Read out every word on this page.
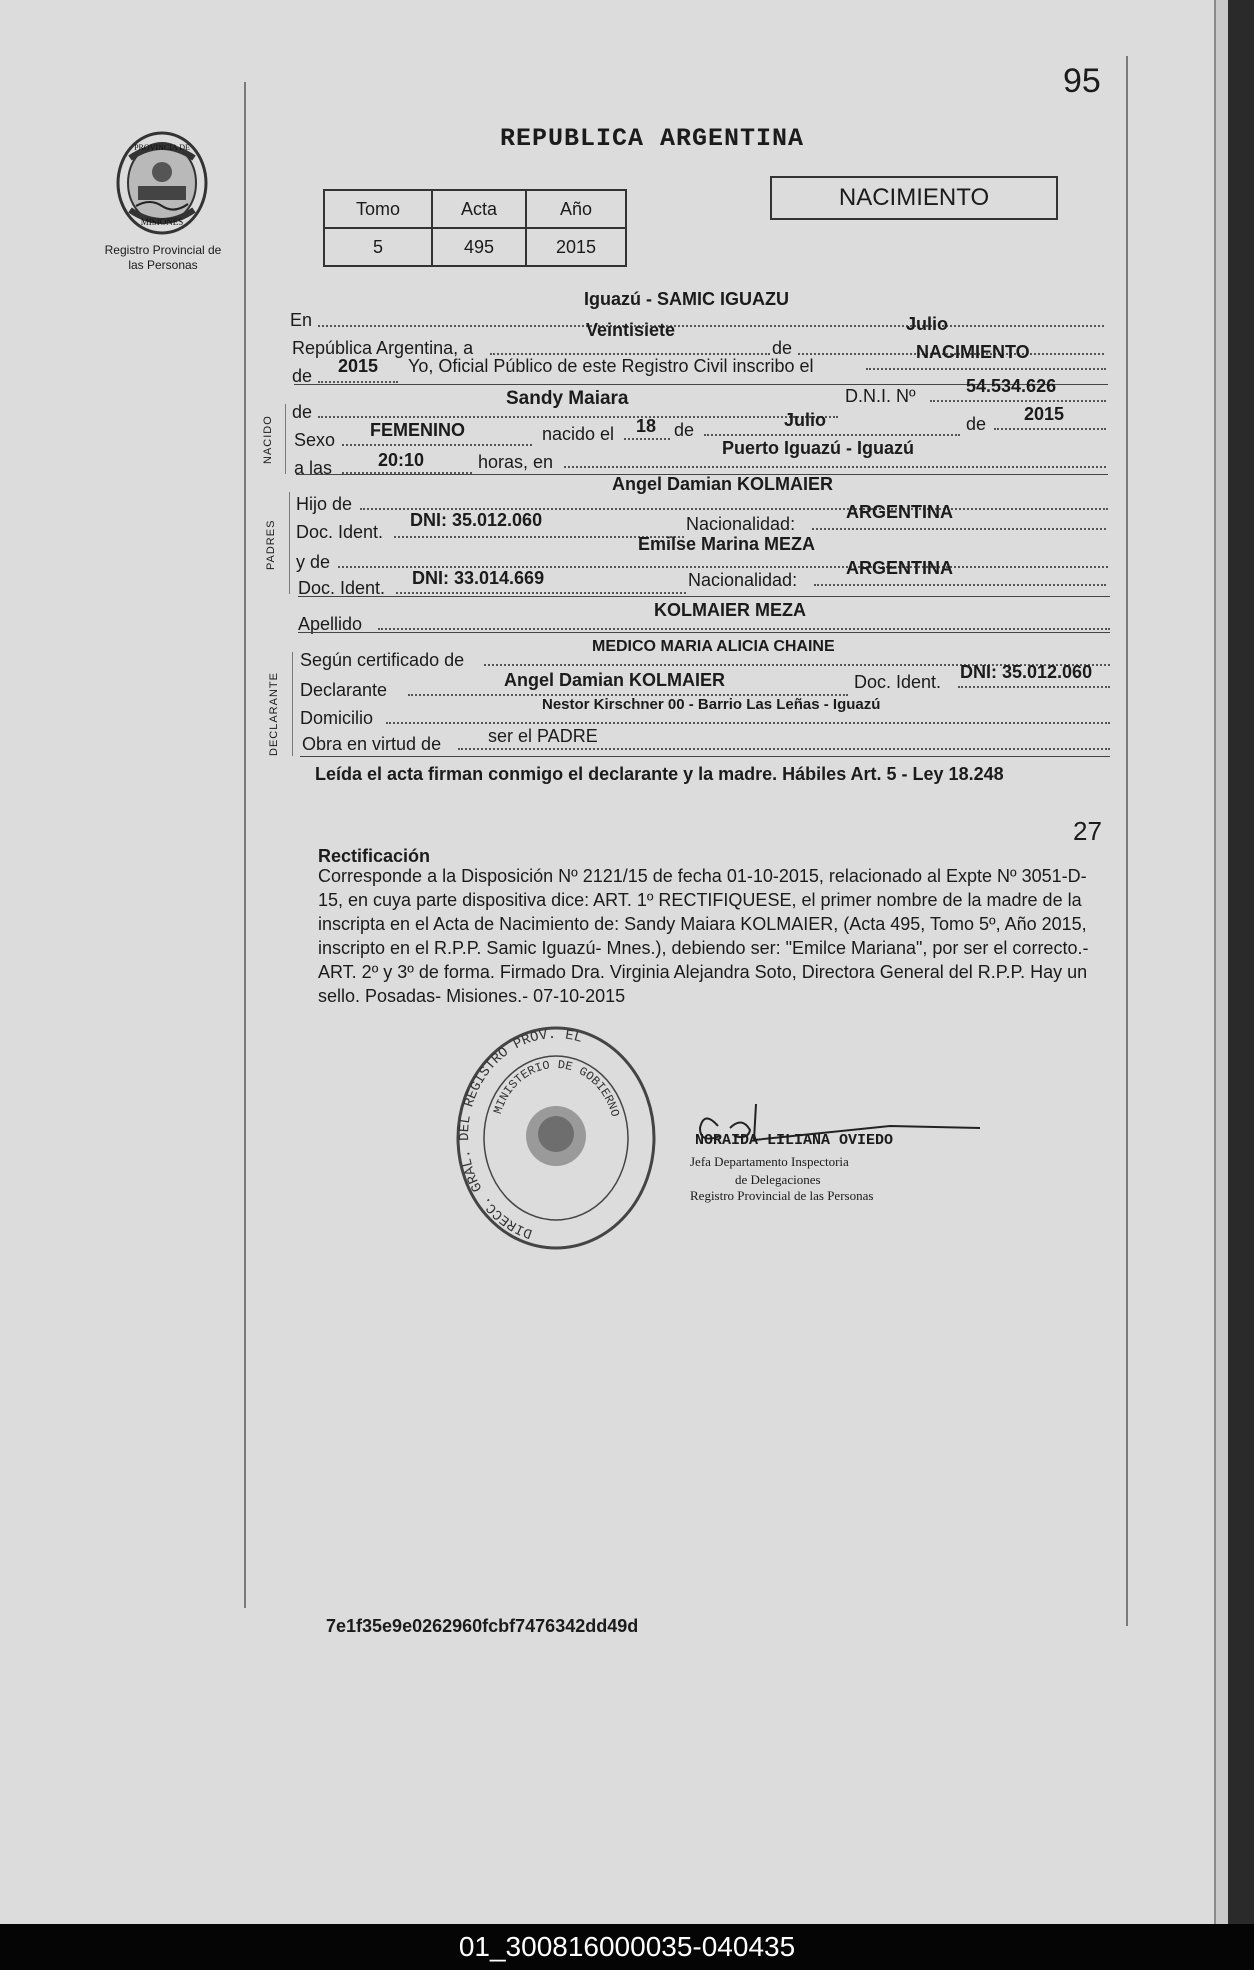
PROVINCIA DE
MISIONES
Registro Provincial de las Personas
95
REPUBLICA ARGENTINA
Tomo	Acta	Año
5	495	2015
NACIMIENTO
En
Iguazú - SAMIC IGUAZU
República Argentina, a
Veintisiete
de
Julio
de 2015 Yo, Oficial Público de este Registro Civil inscribo el
NACIMIENTO
NACIDO
de
Sandy Maiara	D.N.I. Nº	54.534.626
Sexo FEMENINO	nacido el 18 de	Julio	de 2015
a las	20:10	horas, en
Puerto Iguazú - Iguazú
PADRES
Hijo de
Angel Damian KOLMAIER
Doc. Ident.
DNI: 35.012.060	Nacionalidad:
ARGENTINA
y de
Emilse Marina MEZA
Doc. Ident. DNI: 33.014.669	Nacionalidad:
ARGENTINA
Apellido
KOLMAIER MEZA
DECLARANTE
Según certificado de
MEDICO MARIA ALICIA CHAINE
Declarante	Angel Damian KOLMAIER	Doc. Ident. DNI: 35.012.060
Domicilio
Nestor Kirschner 00 - Barrio Las Leñas - Iguazú
Obra en virtud de	ser el PADRE
Leída el acta firman conmigo el declarante y la madre. Hábiles Art. 5 - Ley 18.248
27
Rectificación
Corresponde a la Disposición Nº 2121/15 de fecha 01-10-2015, relacionado al Expte Nº 3051-D-15, en cuya parte dispositiva dice: ART. 1º RECTIFIQUESE, el primer nombre de la madre de la inscripta en el Acta de Nacimiento de: Sandy Maiara KOLMAIER, (Acta 495, Tomo 5º, Año 2015, inscripto en el R.P.P. Samic Iguazú- Mnes.), debiendo ser: "Emilce Mariana", por ser el correcto.- ART. 2º y 3º de forma. Firmado Dra. Virginia Alejandra Soto, Directora General del R.P.P. Hay un sello. Posadas- Misiones.- 07-10-2015
DIRECC. GRAL. DEL REGISTRO PROV. EL
MINISTERIO DE GOBIERNO
NORAIDA LILIANA OVIEDO
Jefa Departamento Inspectoria
de Delegaciones
Registro Provincial de las Personas
7e1f35e9e0262960fcbf7476342dd49d
01_300816000035-040435
